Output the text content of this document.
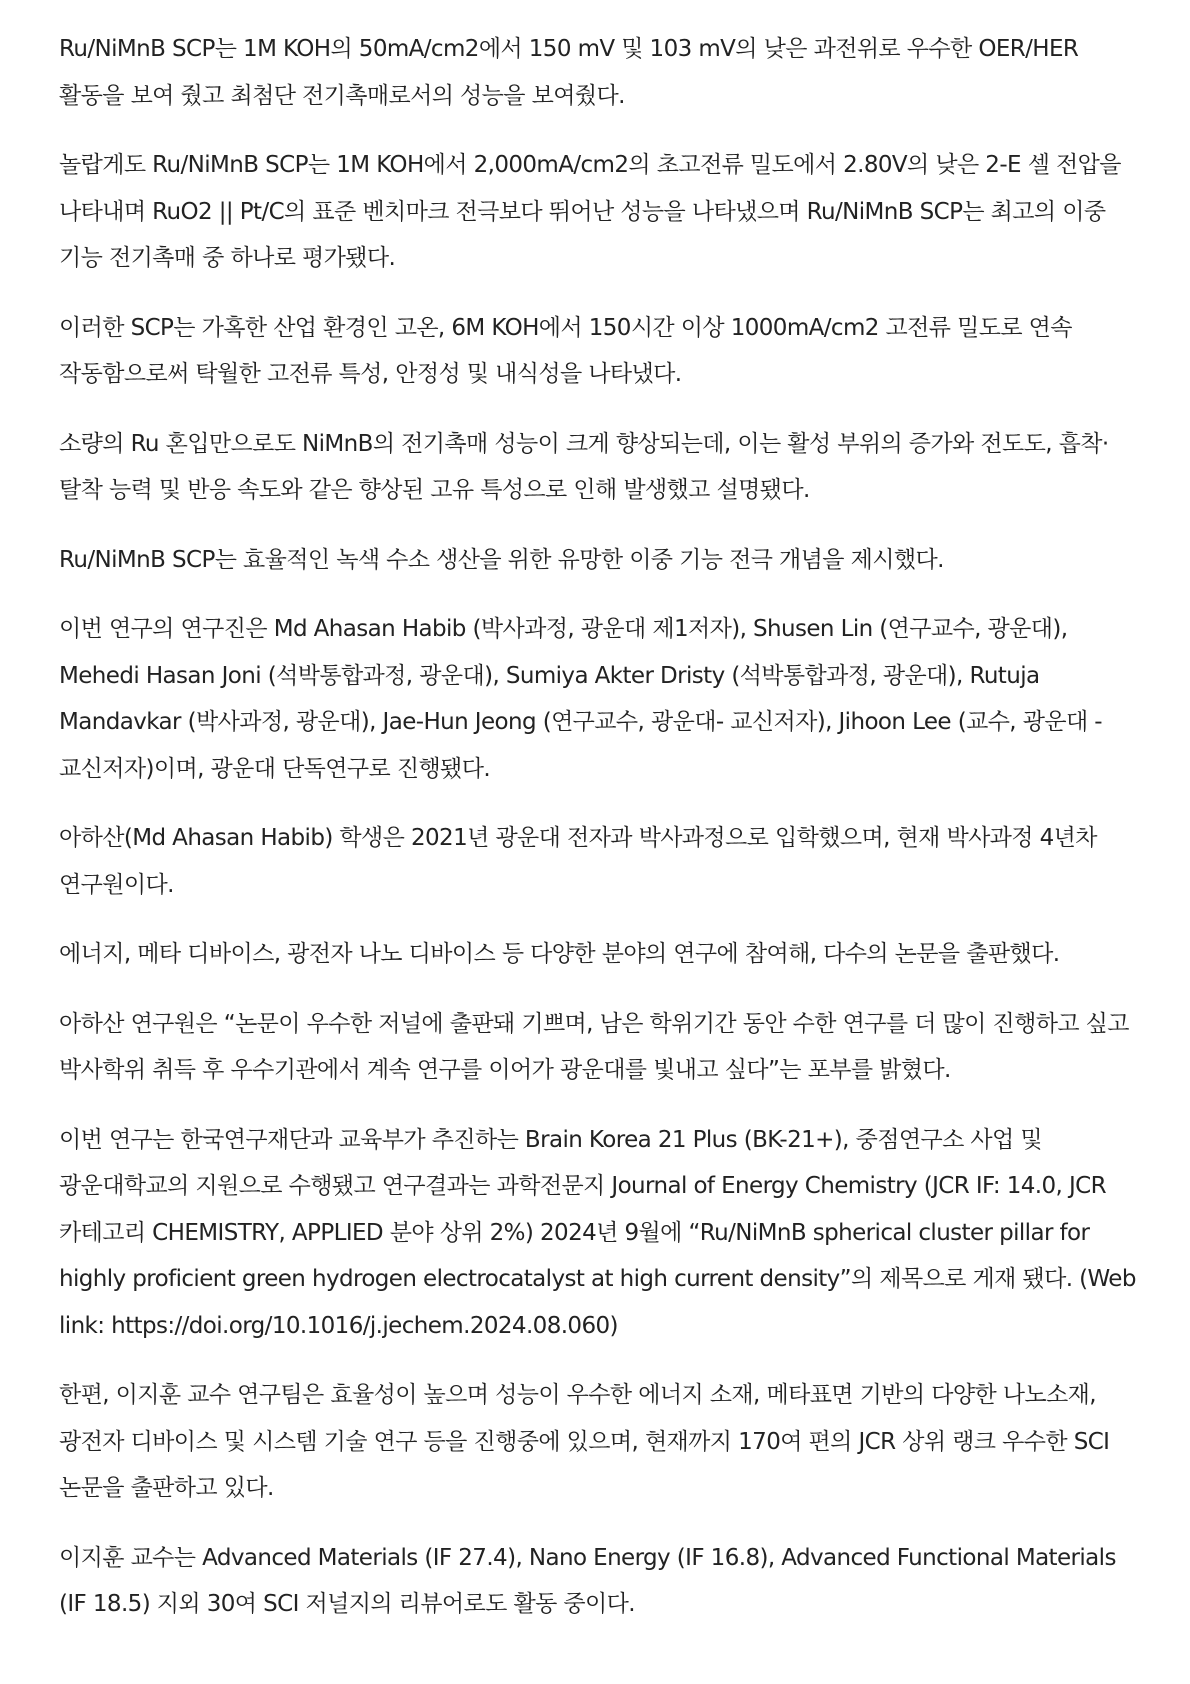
Ru/NiMnB SCP는 1M KOH의 50mA/cm2에서 150 mV 및 103 mV의 낮은 과전위로 우수한 OER/HER 활동을 보여 줬고 최첨단 전기촉매로서의 성능을 보여줬다.

놀랍게도 Ru/NiMnB SCP는 1M KOH에서 2,000mA/cm2의 초고전류 밀도에서 2.80V의 낮은 2-E 셀 전압을 나타내며 RuO2 || Pt/C의 표준 벤치마크 전극보다 뛰어난 성능을 나타냈으며 Ru/NiMnB SCP는 최고의 이중 기능 전기촉매 중 하나로 평가됐다.

이러한 SCP는 가혹한 산업 환경인 고온, 6M KOH에서 150시간 이상 1000mA/cm2 고전류 밀도로 연속 작동함으로써 탁월한 고전류 특성, 안정성 및 내식성을 나타냈다.

소량의 Ru 혼입만으로도 NiMnB의 전기촉매 성능이 크게 향상되는데, 이는 활성 부위의 증가와 전도도, 흡착·탈착 능력 및 반응 속도와 같은 향상된 고유 특성으로 인해 발생했고 설명됐다.

Ru/NiMnB SCP는 효율적인 녹색 수소 생산을 위한 유망한 이중 기능 전극 개념을 제시했다.

이번 연구의 연구진은 Md Ahasan Habib (박사과정, 광운대 제1저자), Shusen Lin (연구교수, 광운대), Mehedi Hasan Joni (석박통합과정, 광운대), Sumiya Akter Dristy (석박통합과정, 광운대), Rutuja Mandavkar (박사과정, 광운대), Jae-Hun Jeong (연구교수, 광운대- 교신저자), Jihoon Lee (교수, 광운대 - 교신저자)이며, 광운대 단독연구로 진행됐다.

아하산(Md Ahasan Habib) 학생은 2021년 광운대 전자과 박사과정으로 입학했으며, 현재 박사과정 4년차 연구원이다.

에너지, 메타 디바이스, 광전자 나노 디바이스 등 다양한 분야의 연구에 참여해, 다수의 논문을 출판했다.

아하산 연구원은 “논문이 우수한 저널에 출판돼 기쁘며, 남은 학위기간 동안 수한 연구를 더 많이 진행하고 싶고 박사학위 취득 후 우수기관에서 계속 연구를 이어가 광운대를 빛내고 싶다”는 포부를 밝혔다.

이번 연구는 한국연구재단과 교육부가 추진하는 Brain Korea 21 Plus (BK-21+), 중점연구소 사업 및 광운대학교의 지원으로 수행됐고 연구결과는 과학전문지 Journal of Energy Chemistry (JCR IF: 14.0, JCR 카테고리 CHEMISTRY, APPLIED 분야 상위 2%) 2024년 9월에 “Ru/NiMnB spherical cluster pillar for highly proficient green hydrogen electrocatalyst at high current density”의 제목으로 게재 됐다. (Web link: https://doi.org/10.1016/j.jechem.2024.08.060)

한편, 이지훈 교수 연구팀은 효율성이 높으며 성능이 우수한 에너지 소재, 메타표면 기반의 다양한 나노소재, 광전자 디바이스 및 시스템 기술 연구 등을 진행중에 있으며, 현재까지 170여 편의 JCR 상위 랭크 우수한 SCI 논문을 출판하고 있다.

이지훈 교수는 Advanced Materials (IF 27.4), Nano Energy (IF 16.8), Advanced Functional Materials (IF 18.5) 지외 30여 SCI 저널지의 리뷰어로도 활동 중이다.
